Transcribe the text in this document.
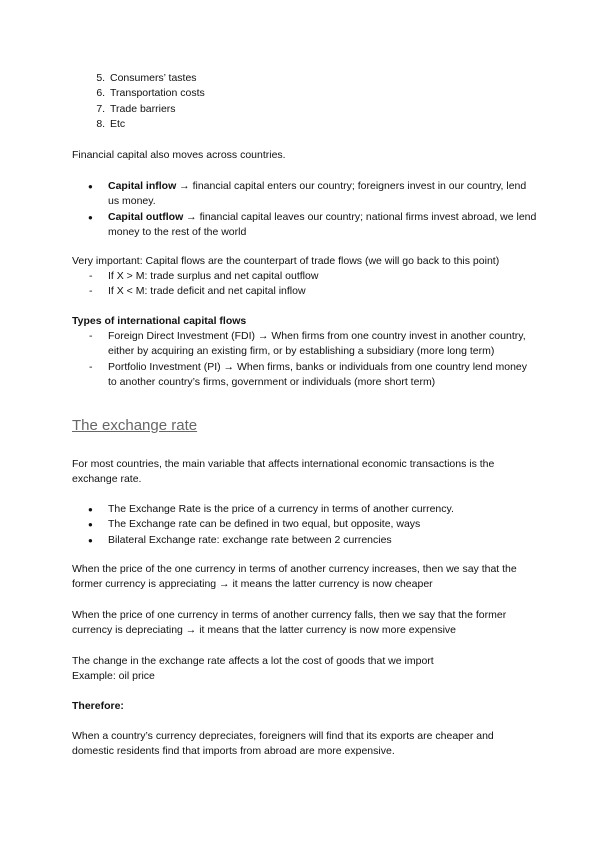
5. Consumers’ tastes
6. Transportation costs
7. Trade barriers
8. Etc

Financial capital also moves across countries.

● Capital inflow → financial capital enters our country; foreigners invest in our country, lend us money.
● Capital outflow → financial capital leaves our country; national firms invest abroad, we lend money to the rest of the world

Very important: Capital flows are the counterpart of trade flows (we will go back to this point)

- If X > M: trade surplus and net capital outflow
- If X < M: trade deficit and net capital inflow

Types of international capital flows

- Foreign Direct Investment (FDI) → When firms from one country invest in another country, either by acquiring an existing firm, or by establishing a subsidiary (more long term)
- Portfolio Investment (PI) → When firms, banks or individuals from one country lend money to another country’s firms, government or individuals (more short term)
The exchange rate

For most countries, the main variable that affects international economic transactions is the exchange rate.

● The Exchange Rate is the price of a currency in terms of another currency.
● The Exchange rate can be defined in two equal, but opposite, ways
● Bilateral Exchange rate: exchange rate between 2 currencies

When the price of the one currency in terms of another currency increases, then we say that the former currency is appreciating → it means the latter currency is now cheaper

When the price of one currency in terms of another currency falls, then we say that the former currency is depreciating → it means that the latter currency is now more expensive

The change in the exchange rate affects a lot the cost of goods that we import
Example: oil price

Therefore:

When a country’s currency depreciates, foreigners will find that its exports are cheaper and domestic residents find that imports from abroad are more expensive.
